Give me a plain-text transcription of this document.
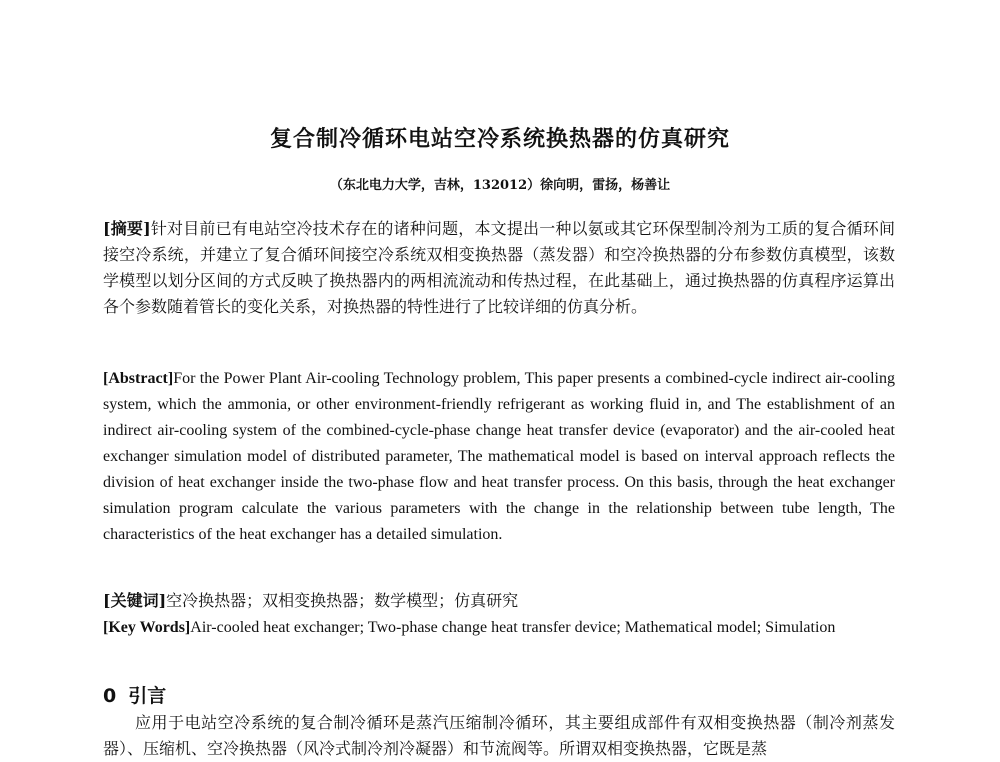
复合制冷循环电站空冷系统换热器的仿真研究
（东北电力大学，吉林，132012）徐向明，雷扬，杨善让
[摘要]针对目前已有电站空冷技术存在的诸种问题，本文提出一种以氨或其它环保型制冷剂为工质的复合循环间接空冷系统，并建立了复合循环间接空冷系统双相变换热器（蒸发器）和空冷换热器的分布参数仿真模型，该数学模型以划分区间的方式反映了换热器内的两相流流动和传热过程，在此基础上，通过换热器的仿真程序运算出各个参数随着管长的变化关系，对换热器的特性进行了比较详细的仿真分析。
[Abstract]For the Power Plant Air-cooling Technology problem, This paper presents a combined-cycle indirect air-cooling system, which the ammonia, or other environment-friendly refrigerant as working fluid in, and The establishment of an indirect air-cooling system of the combined-cycle-phase change heat transfer device (evaporator) and the air-cooled heat exchanger simulation model of distributed parameter, The mathematical model is based on interval approach reflects the division of heat exchanger inside the two-phase flow and heat transfer process. On this basis, through the heat exchanger simulation program calculate the various parameters with the change in the relationship between tube length, The characteristics of the heat exchanger has a detailed simulation.
[关键词]空冷换热器；双相变换热器；数学模型；仿真研究
[Key Words]Air-cooled heat exchanger; Two-phase change heat transfer device; Mathematical model; Simulation
0 引言
应用于电站空冷系统的复合制冷循环是蒸汽压缩制冷循环，其主要组成部件有双相变换热器（制冷剂蒸发器）、压缩机、空冷换热器（风冷式制冷剂冷凝器）和节流阀等。所谓双相变换热器，它既是蒸
